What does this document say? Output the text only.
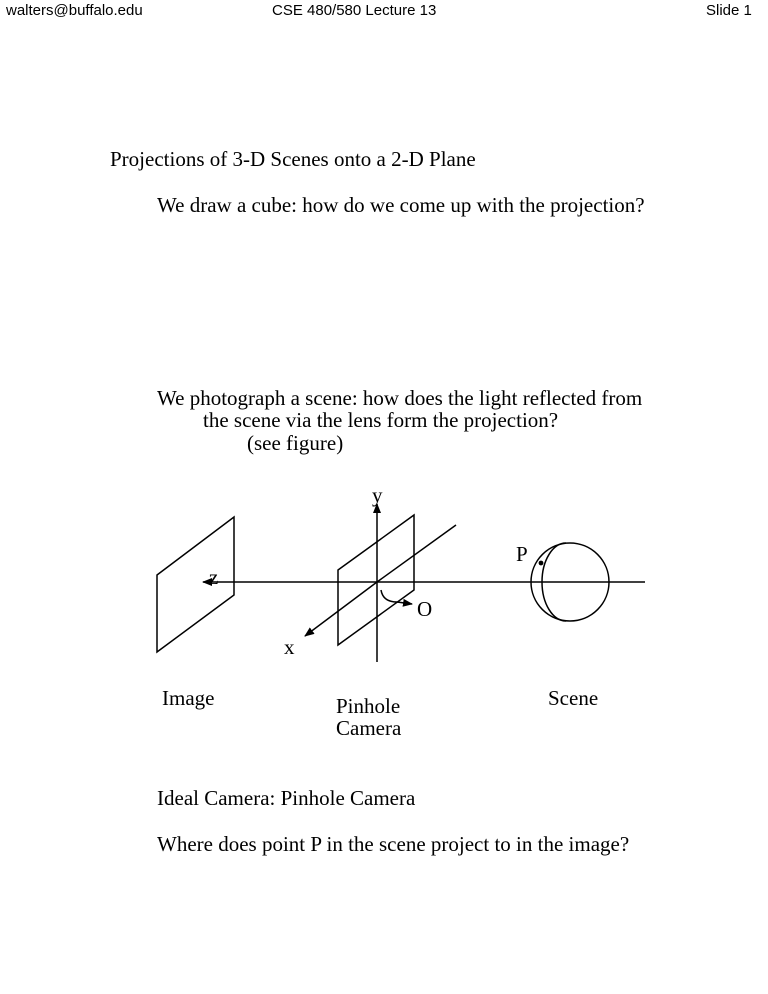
walters@buffalo.edu	CSE 480/580 Lecture 13	Slide 1
Projections of 3-D Scenes onto a 2-D Plane
We draw a cube: how do we come up with the projection?
We photograph a scene: how does the light reflected from
the scene via the lens form the projection?
(see figure)
y
z
x
O
P
Image	Pinhole
Camera
Scene
Ideal Camera: Pinhole Camera
Where does point P in the scene project to in the image?
